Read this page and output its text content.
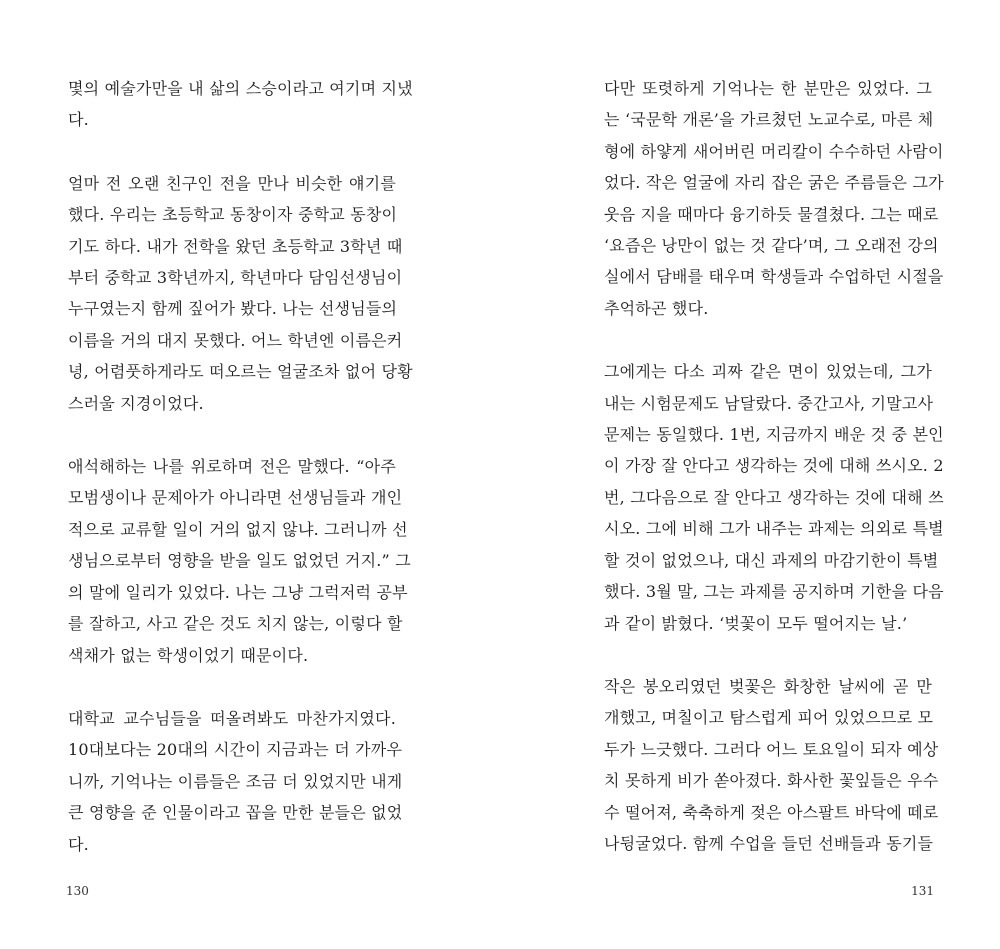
몇의 예술가만을 내 삶의 스승이라고 여기며 지냈
다.
얼마 전 오랜 친구인 전을 만나 비슷한 얘기를
했다. 우리는 초등학교 동창이자 중학교 동창이
기도 하다. 내가 전학을 왔던 초등학교 3학년 때
부터 중학교 3학년까지, 학년마다 담임선생님이
누구였는지 함께 짚어가 봤다. 나는 선생님들의
이름을 거의 대지 못했다. 어느 학년엔 이름은커
녕, 어렴풋하게라도 떠오르는 얼굴조차 없어 당황
스러울 지경이었다.
애석해하는 나를 위로하며 전은 말했다. “아주
모범생이나 문제아가 아니라면 선생님들과 개인
적으로 교류할 일이 거의 없지 않냐. 그러니까 선
생님으로부터 영향을 받을 일도 없었던 거지.” 그
의 말에 일리가 있었다. 나는 그냥 그럭저럭 공부
를 잘하고, 사고 같은 것도 치지 않는, 이렇다 할
색채가 없는 학생이었기 때문이다.
대학교 교수님들을 떠올려봐도 마찬가지였다.
10대보다는 20대의 시간이 지금과는 더 가까우
니까, 기억나는 이름들은 조금 더 있었지만 내게
큰 영향을 준 인물이라고 꼽을 만한 분들은 없었
다.
130
다만 또렷하게 기억나는 한 분만은 있었다. 그
는 ‘국문학 개론’을 가르쳤던 노교수로, 마른 체
형에 하얗게 새어버린 머리칼이 수수하던 사람이
었다. 작은 얼굴에 자리 잡은 굵은 주름들은 그가
웃음 지을 때마다 융기하듯 물결쳤다. 그는 때로
‘요즘은 낭만이 없는 것 같다’며, 그 오래전 강의
실에서 담배를 태우며 학생들과 수업하던 시절을
추억하곤 했다.
그에게는 다소 괴짜 같은 면이 있었는데, 그가
내는 시험문제도 남달랐다. 중간고사, 기말고사
문제는 동일했다. 1번, 지금까지 배운 것 중 본인
이 가장 잘 안다고 생각하는 것에 대해 쓰시오. 2
번, 그다음으로 잘 안다고 생각하는 것에 대해 쓰
시오. 그에 비해 그가 내주는 과제는 의외로 특별
할 것이 없었으나, 대신 과제의 마감기한이 특별
했다. 3월 말, 그는 과제를 공지하며 기한을 다음
과 같이 밝혔다. ‘벚꽃이 모두 떨어지는 날.’
작은 봉오리였던 벚꽃은 화창한 날씨에 곧 만
개했고, 며칠이고 탐스럽게 피어 있었으므로 모
두가 느긋했다. 그러다 어느 토요일이 되자 예상
치 못하게 비가 쏟아졌다. 화사한 꽃잎들은 우수
수 떨어져, 축축하게 젖은 아스팔트 바닥에 떼로
나뒹굴었다. 함께 수업을 들던 선배들과 동기들
131
